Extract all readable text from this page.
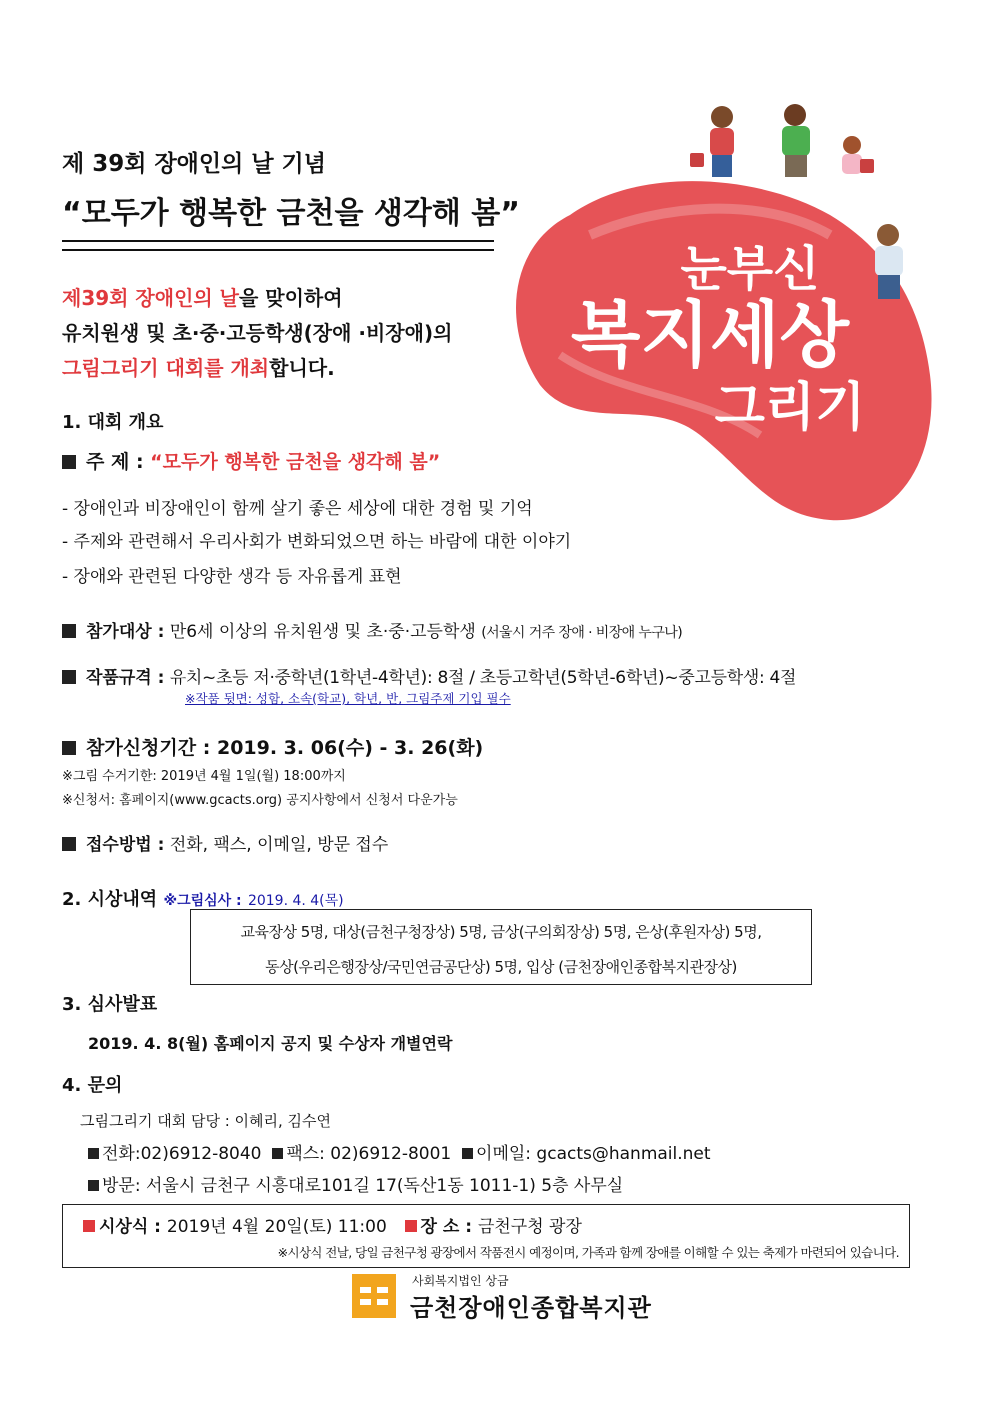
눈부신
복지세상
그리기
제 39회 장애인의 날 기념
“모두가 행복한 금천을 생각해 봄”
제39회 장애인의 날을 맞이하여
유치원생 및 초·중·고등학생(장애 ·비장애)의
그림그리기 대회를 개최합니다.
1. 대회 개요
주 제 : “모두가 행복한 금천을 생각해 봄”
- 장애인과 비장애인이 함께 살기 좋은 세상에 대한 경험 및 기억
- 주제와 관련해서 우리사회가 변화되었으면 하는 바람에 대한 이야기
- 장애와 관련된 다양한 생각 등 자유롭게 표현
참가대상 : 만6세 이상의 유치원생 및 초·중·고등학생 (서울시 거주 장애 · 비장애 누구나)
작품규격 : 유치~초등 저·중학년(1학년-4학년): 8절 / 초등고학년(5학년-6학년)~중고등학생: 4절
※작품 뒷면: 성함, 소속(학교), 학년, 반, 그림주제 기입 필수
참가신청기간 : 2019. 3. 06(수) - 3. 26(화)
※그림 수거기한: 2019년 4월 1일(월) 18:00까지
※신청서: 홈페이지(www.gcacts.org) 공지사항에서 신청서 다운가능
접수방법 : 전화, 팩스, 이메일, 방문 접수
2. 시상내역 ※그림심사 : 2019. 4. 4(목)
교육장상 5명, 대상(금천구청장상) 5명, 금상(구의회장상) 5명, 은상(후원자상) 5명,
동상(우리은행장상/국민연금공단상) 5명, 입상 (금천장애인종합복지관장상)
3. 심사발표
2019. 4. 8(월) 홈페이지 공지 및 수상자 개별연락
4. 문의
그림그리기 대회 담당 : 이혜리, 김수연
전화:02)6912-8040 팩스: 02)6912-8001 이메일: gcacts@hanmail.net
방문: 서울시 금천구 시흥대로101길 17(독산1동 1011-1) 5층 사무실
시상식 : 2019년 4월 20일(토) 11:00 장 소 : 금천구청 광장
※시상식 전날, 당일 금천구청 광장에서 작품전시 예정이며, 가족과 함께 장애를 이해할 수 있는 축제가 마련되어 있습니다.
사회복지법인 상금
금천장애인종합복지관
